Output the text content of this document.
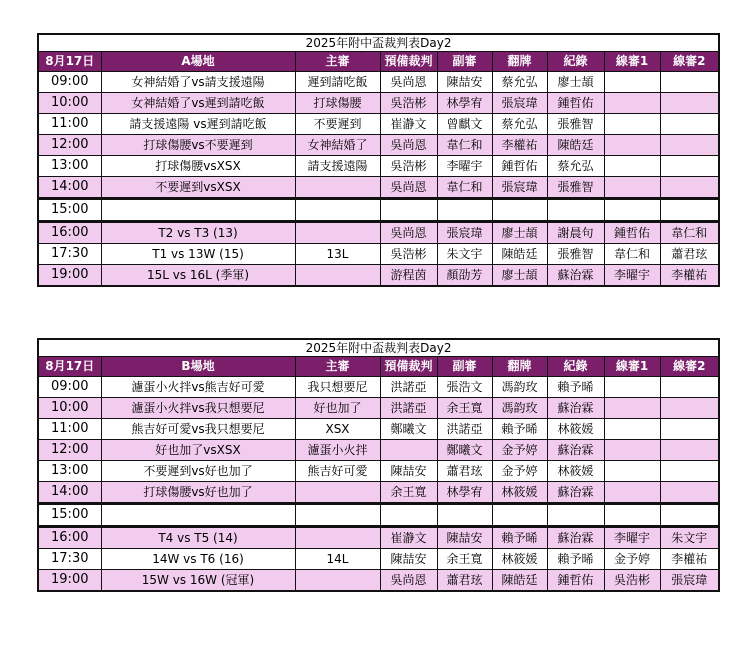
2025年附中盃裁判表Day2								
8月17日	A場地	主審	預備裁判	副審	翻牌	紀錄	線審1	線審2
09:00	女神結婚了vs請支援遠陽	遲到請吃飯	吳尚恩	陳喆安	蔡允弘	廖士頡		
10:00	女神結婚了vs遲到請吃飯	打球傷腰	吳浩彬	林學宥	張宸瑋	鍾哲佑		
11:00	請支援遠陽 vs遲到請吃飯	不要遲到	崔瀞文	曾麒文	蔡允弘	張雅智		
12:00	打球傷腰vs不要遲到	女神結婚了	吳尚恩	韋仁和	李權祐	陳皓廷		
13:00	打球傷腰vsXSX	請支援遠陽	吳浩彬	李曜宇	鍾哲佑	蔡允弘		
14:00	不要遲到vsXSX		吳尚恩	韋仁和	張宸瑋	張雅智		
15:00								
16:00	T2 vs T3 (13)		吳尚恩	張宸瑋	廖士頡	謝晨句	鍾哲佑	韋仁和
17:30	T1 vs 13W (15)	13L	吳浩彬	朱文宇	陳皓廷	張雅智	韋仁和	蕭君玹
19:00	15L vs 16L (季軍)		游程茵	顏劭芳	廖士頡	蘇治霖	李曜宇	李權祐
2025年附中盃裁判表Day2								
8月17日	B場地	主審	預備裁判	副審	翻牌	紀錄	線審1	線審2
09:00	濾蛋小火拌vs熊吉好可愛	我只想要尼	洪諾亞	張浩文	馮韵玫	賴予晞		
10:00	濾蛋小火拌vs我只想要尼	好也加了	洪諾亞	余王寬	馮韵玫	蘇治霖		
11:00	熊吉好可愛vs我只想要尼	XSX	鄭曦文	洪諾亞	賴予晞	林筱媛		
12:00	好也加了vsXSX	濾蛋小火拌		鄭曦文	金予婷	蘇治霖		
13:00	不要遲到vs好也加了	熊吉好可愛	陳喆安	蕭君玹	金予婷	林筱媛		
14:00	打球傷腰vs好也加了		余王寬	林學宥	林筱媛	蘇治霖		
15:00								
16:00	T4 vs T5 (14)		崔瀞文	陳喆安	賴予晞	蘇治霖	李曜宇	朱文宇
17:30	14W vs T6 (16)	14L	陳喆安	余王寬	林筱媛	賴予晞	金予婷	李權祐
19:00	15W vs 16W (冠軍)		吳尚恩	蕭君玹	陳皓廷	鍾哲佑	吳浩彬	張宸瑋
